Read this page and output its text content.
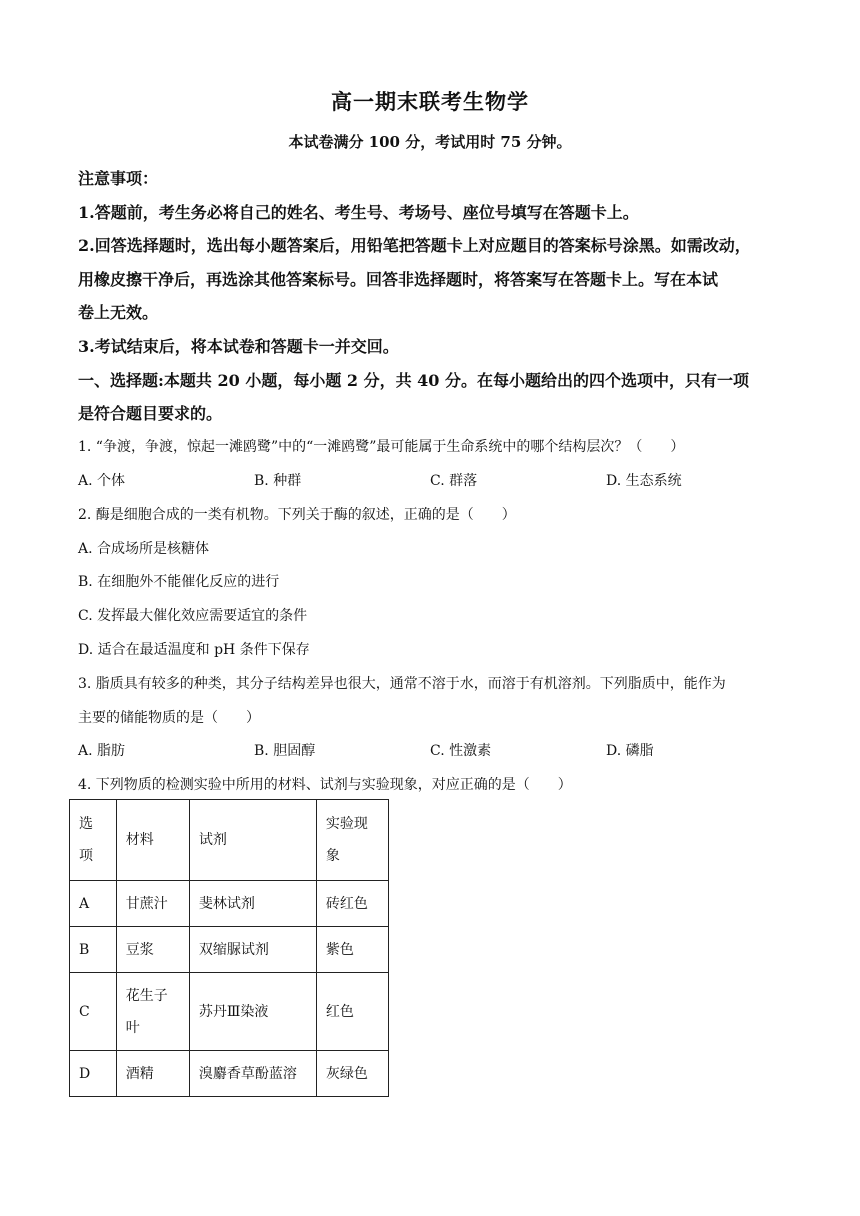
高一期末联考生物学
本试卷满分 100 分，考试用时 75 分钟。
注意事项：
1.答题前，考生务必将自己的姓名、考生号、考场号、座位号填写在答题卡上。
2.回答选择题时，选出每小题答案后，用铅笔把答题卡上对应题目的答案标号涂黑。如需改动，
用橡皮擦干净后，再选涂其他答案标号。回答非选择题时，将答案写在答题卡上。写在本试
卷上无效。
3.考试结束后，将本试卷和答题卡一并交回。
一、选择题:本题共 20 小题，每小题 2 分，共 40 分。在每小题给出的四个选项中，只有一项
是符合题目要求的。
1. “争渡，争渡，惊起一滩鸥鹭”中的“一滩鸥鹭”最可能属于生命系统中的哪个结构层次？（　　）
A. 个体	B. 种群	C. 群落	D. 生态系统
2. 酶是细胞合成的一类有机物。下列关于酶的叙述，正确的是（　　）
A. 合成场所是核糖体
B. 在细胞外不能催化反应的进行
C. 发挥最大催化效应需要适宜的条件
D. 适合在最适温度和 pH 条件下保存
3. 脂质具有较多的种类，其分子结构差异也很大，通常不溶于水，而溶于有机溶剂。下列脂质中，能作为
主要的储能物质的是（　　）
A. 脂肪	B. 胆固醇	C. 性激素	D. 磷脂
4. 下列物质的检测实验中所用的材料、试剂与实验现象，对应正确的是（　　）
选
项	材料	试剂	实验现
象
A	甘蔗汁	斐林试剂	砖红色
B	豆浆	双缩脲试剂	紫色
C	花生子
叶	苏丹Ⅲ染液	红色
D	酒精	溴麝香草酚蓝溶	灰绿色
